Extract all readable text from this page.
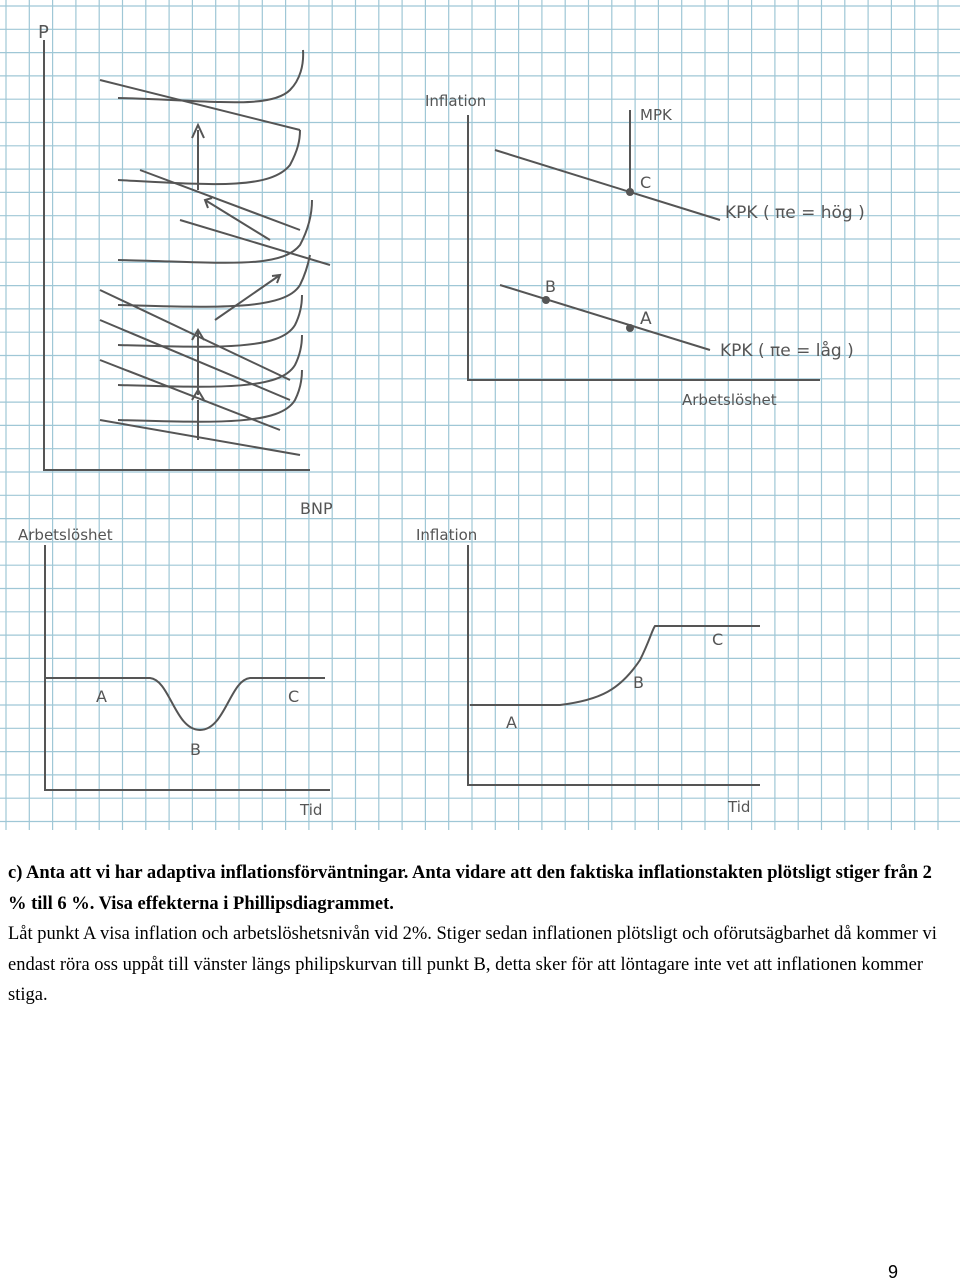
P
BNP
Inflation
MPK
KPK ( πe = hög )
KPK ( πe = låg )
Arbetslöshet
C
B
A
Arbetslöshet
Tid
A
B
C
Inflation
Tid
A
B
C
c) Anta att vi har adaptiva inflationsförväntningar. Anta vidare att den faktiska inflationstakten plötsligt stiger från 2 % till 6 %. Visa effekterna i Phillipsdiagrammet.
Låt punkt A visa inflation och arbetslöshetsnivån vid 2%. Stiger sedan inflationen plötsligt och oförutsägbarhet då kommer vi endast röra oss uppåt till vänster längs philipskurvan till punkt B, detta sker för att löntagare inte vet att inflationen kommer stiga.
9
